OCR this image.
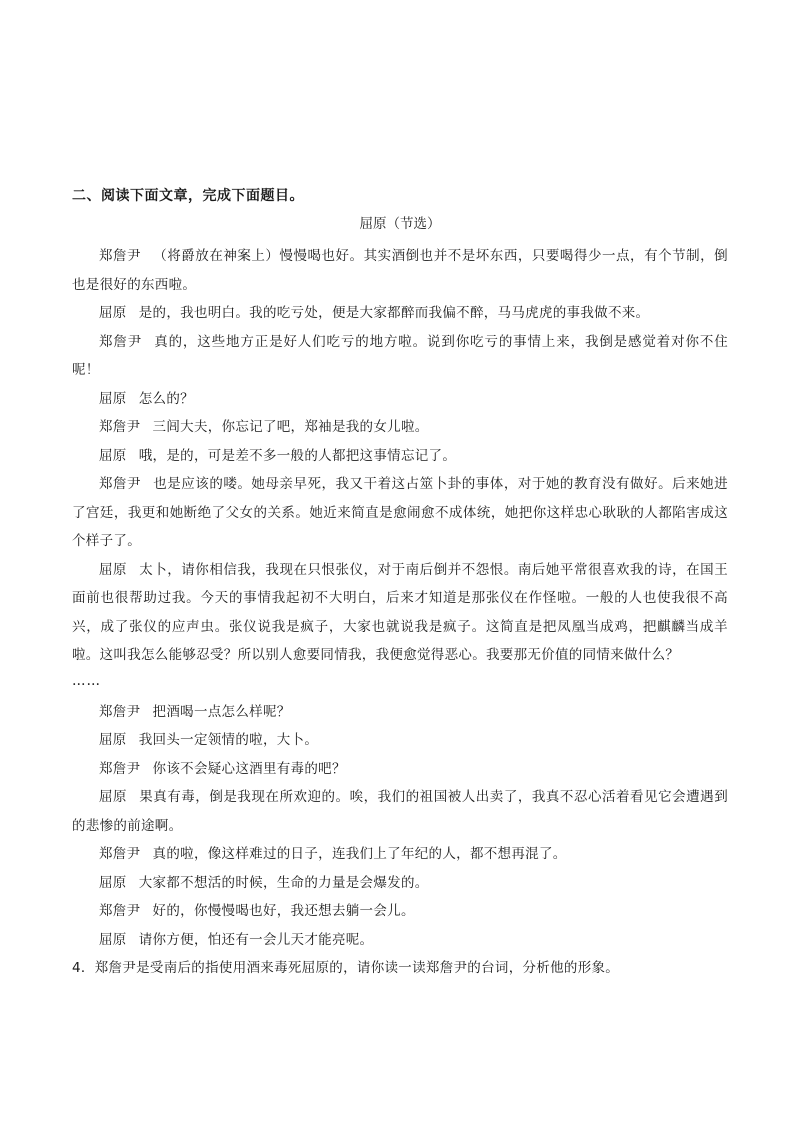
二、阅读下面文章，完成下面题目。
屈原（节选）

郑詹尹 （将爵放在神案上）慢慢喝也好。其实酒倒也并不是坏东西，只要喝得少一点，有个节制，倒也是很好的东西啦。

屈原 是的，我也明白。我的吃亏处，便是大家都醉而我偏不醉，马马虎虎的事我做不来。

郑詹尹 真的，这些地方正是好人们吃亏的地方啦。说到你吃亏的事情上来，我倒是感觉着对你不住呢！

屈原 怎么的？

郑詹尹 三闾大夫，你忘记了吧，郑袖是我的女儿啦。

屈原 哦，是的，可是差不多一般的人都把这事情忘记了。

郑詹尹 也是应该的喽。她母亲早死，我又干着这占筮卜卦的事体，对于她的教育没有做好。后来她进了宫廷，我更和她断绝了父女的关系。她近来简直是愈闹愈不成体统，她把你这样忠心耿耿的人都陷害成这个样子了。

屈原 太卜，请你相信我，我现在只恨张仪，对于南后倒并不怨恨。南后她平常很喜欢我的诗，在国王面前也很帮助过我。今天的事情我起初不大明白，后来才知道是那张仪在作怪啦。一般的人也使我很不高兴，成了张仪的应声虫。张仪说我是疯子，大家也就说我是疯子。这简直是把凤凰当成鸡，把麒麟当成羊啦。这叫我怎么能够忍受？所以别人愈要同情我，我便愈觉得恶心。我要那无价值的同情来做什么？

……

郑詹尹 把酒喝一点怎么样呢？

屈原 我回头一定领情的啦，大卜。

郑詹尹 你该不会疑心这酒里有毒的吧？

屈原 果真有毒，倒是我现在所欢迎的。唉，我们的祖国被人出卖了，我真不忍心活着看见它会遭遇到的悲惨的前途啊。

郑詹尹 真的啦，像这样难过的日子，连我们上了年纪的人，都不想再混了。

屈原 大家都不想活的时候，生命的力量是会爆发的。

郑詹尹 好的，你慢慢喝也好，我还想去躺一会儿。

屈原 请你方便，怕还有一会儿天才能亮呢。

4．郑詹尹是受南后的指使用酒来毒死屈原的，请你读一读郑詹尹的台词，分析他的形象。
